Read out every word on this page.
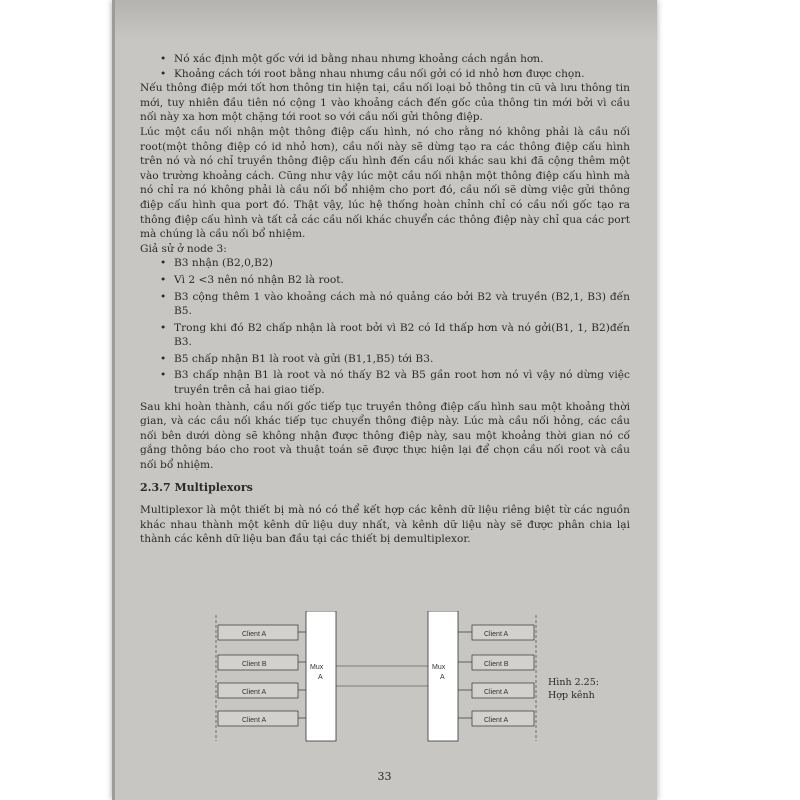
• Nó xác định một gốc với id bằng nhau nhưng khoảng cách ngắn hơn.
• Khoảng cách tới root bằng nhau nhưng cầu nối gởi có id nhỏ hơn được chọn.

Nếu thông điệp mới tốt hơn thông tin hiện tại, cầu nối loại bỏ thông tin cũ và lưu thông tin mới, tuy nhiên đầu tiên nó cộng 1 vào khoảng cách đến gốc của thông tin mới bởi vì cầu nối này xa hơn một chặng tới root so với cầu nối gửi thông điệp.

Lúc một cầu nối nhận một thông điệp cấu hình, nó cho rằng nó không phải là cầu nối root(một thông điệp có id nhỏ hơn), cầu nối này sẽ dừng tạo ra các thông điệp cấu hình trên nó và nó chỉ truyền thông điệp cấu hình đến cầu nối khác sau khi đã cộng thêm một vào trường khoảng cách. Cũng như vậy lúc một cầu nối nhận một thông điệp cấu hình mà nó chỉ ra nó không phải là cầu nối bổ nhiệm cho port đó, cầu nối sẽ dừng việc gửi thông điệp cấu hình qua port đó. Thật vậy, lúc hệ thống hoàn chỉnh chỉ có cầu nối gốc tạo ra thông điệp cấu hình và tất cả các cầu nối khác chuyển các thông điệp này chỉ qua các port mà chúng là cầu nối bổ nhiệm.

Giả sử ở node 3:

• B3 nhận (B2,0,B2)
• Vì 2 <3 nên nó nhận B2 là root.
• B3 cộng thêm 1 vào khoảng cách mà nó quảng cáo bởi B2 và truyền (B2,1, B3) đến B5.
• Trong khi đó B2 chấp nhận là root bởi vì B2 có Id thấp hơn và nó gởi(B1, 1, B2)đến B3.
• B5 chấp nhận B1 là root và gửi (B1,1,B5) tới B3.
• B3 chấp nhận B1 là root và nó thấy B2 và B5 gần root hơn nó vì vậy nó dừng việc truyền trên cả hai giao tiếp.

Sau khi hoàn thành, cầu nối gốc tiếp tục truyền thông điệp cấu hình sau một khoảng thời gian, và các cầu nối khác tiếp tục chuyển thông điệp này. Lúc mà cầu nối hỏng, các cầu nối bên dưới dòng sẽ không nhận được thông điệp này, sau một khoảng thời gian nó cố gắng thông báo cho root và thuật toán sẽ được thực hiện lại để chọn cầu nối root và cầu nối bổ nhiệm.

2.3.7 Multiplexors

Multiplexor là một thiết bị mà nó có thể kết hợp các kênh dữ liệu riêng biệt từ các nguồn khác nhau thành một kênh dữ liệu duy nhất, và kênh dữ liệu này sẽ được phân chia lại thành các kênh dữ liệu ban đầu tại các thiết bị demultiplexor.

Client A
Client B
Client A
Client A
Mux
A
Mux
A
Client A
Client B
Client A
Client A
Hình 2.25: Hợp kênh
33
